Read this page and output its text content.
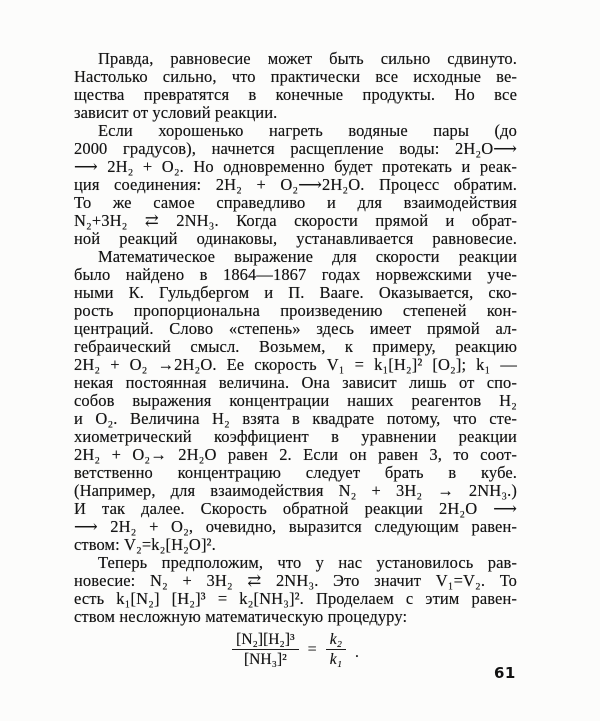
Правда, равновесие может быть сильно сдвинуто.
Настолько сильно, что практически все исходные ве-
щества превратятся в конечные продукты. Но все
зависит от условий реакции.
Если хорошенько нагреть водяные пары (до
2000 градусов), начнется расщепление воды: 2H₂O⟶
⟶ 2H₂ + O₂. Но одновременно будет протекать и реак-
ция соединения: 2H₂ + O₂⟶2H₂O. Процесс обратим.
То же самое справедливо и для взаимодействия
N₂+3H₂ ⇄ 2NH₃. Когда скорости прямой и обрат-
ной реакций одинаковы, устанавливается равновесие.
Математическое выражение для скорости реакции
было найдено в 1864—1867 годах норвежскими уче-
ными К. Гульдбергом и П. Вааге. Оказывается, ско-
рость пропорциональна произведению степеней кон-
центраций. Слово «степень» здесь имеет прямой ал-
гебраический смысл. Возьмем, к примеру, реакцию
2H₂ + O₂ →2H₂O. Ее скорость V₁ = k₁[H₂]² [O₂]; k₁ —
некая постоянная величина. Она зависит лишь от спо-
собов выражения концентрации наших реагентов H₂
и O₂. Величина H₂ взята в квадрате потому, что сте-
хиометрический коэффициент в уравнении реакции
2H₂ + O₂→ 2H₂O равен 2. Если он равен 3, то соот-
ветственно концентрацию следует брать в кубе.
(Например, для взаимодействия N₂ + 3H₂ → 2NH₃.)
И так далее. Скорость обратной реакции 2H₂O ⟶
⟶ 2H₂ + O₂, очевидно, выразится следующим равен-
ством: V₂=k₂[H₂O]².
Теперь предположим, что у нас установилось рав-
новесие: N₂ + 3H₂ ⇄ 2NH₃. Это значит V₁=V₂. То
есть k₁[N₂] [H₂]³ = k₂[NH₃]². Проделаем с этим равен-
ством несложную математическую процедуру:
$\frac{\text{[N₂][H₂]³}}{\text{[NH₃]²}} = \frac{\text{k₂}}{\text{k₁}}$ .
61
